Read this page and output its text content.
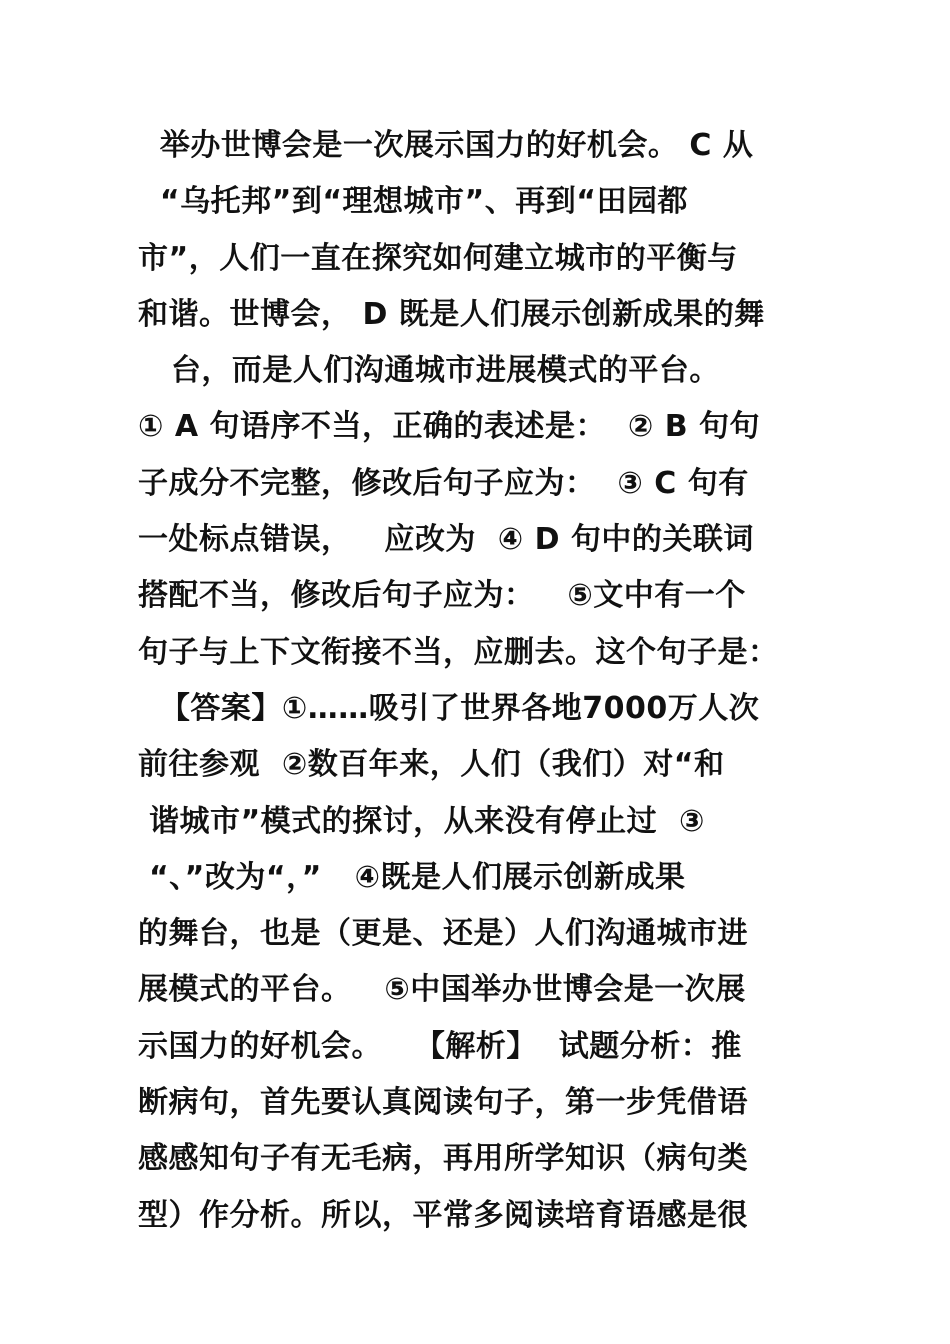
举办世博会是一次展示国力的好机会。 C 从
“乌托邦”到“理想城市”、再到“田园都
市”，人们一直在探究如何建立城市的平衡与
和谐。世博会， D 既是人们展示创新成果的舞
台，而是人们沟通城市进展模式的平台。
① A 句语序不当，正确的表述是：  ② B 句句
子成分不完整，修改后句子应为：  ③ C 句有
一处标点错误，   应改为  ④ D 句中的关联词
搭配不当，修改后句子应为：   ⑤文中有一个
句子与上下文衔接不当，应删去。这个句子是：
【答案】①……吸引了世界各地7000万人次
前往参观  ②数百年来，人们（我们）对“和
谐城市”模式的探讨，从来没有停止过  ③
“、”改为“，”   ④既是人们展示创新成果
的舞台，也是（更是、还是）人们沟通城市进
展模式的平台。   ⑤中国举办世博会是一次展
示国力的好机会。   【解析】  试题分析：推
断病句，首先要认真阅读句子，第一步凭借语
感感知句子有无毛病，再用所学知识（病句类
型）作分析。所以，平常多阅读培育语感是很
